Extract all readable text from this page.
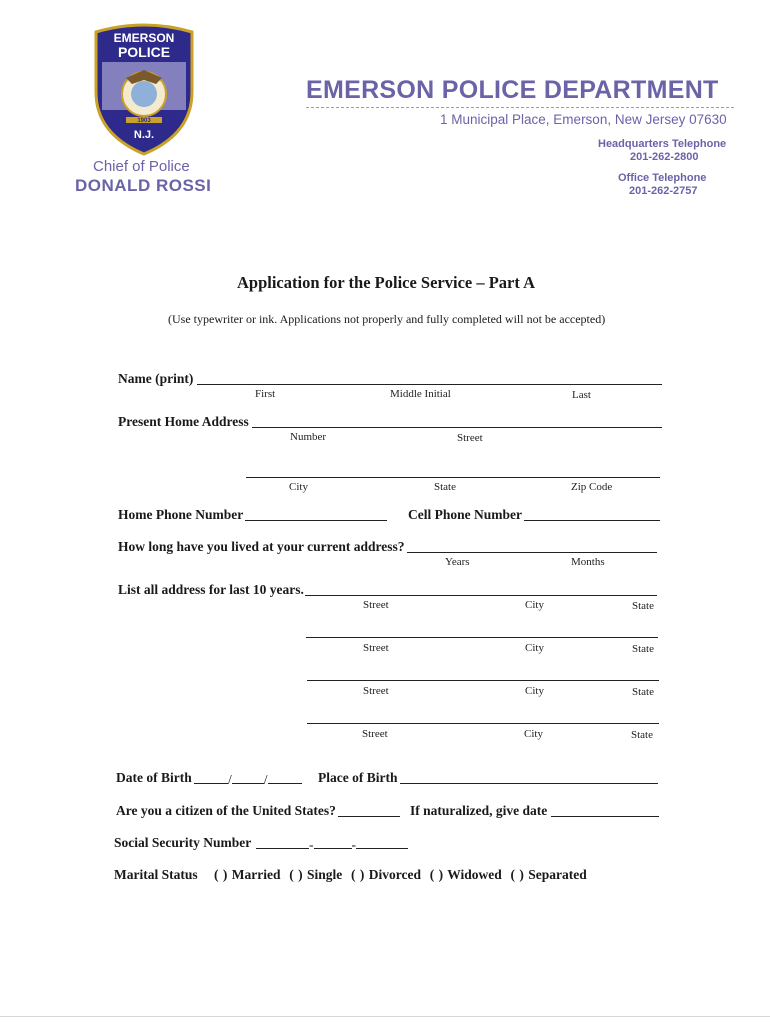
EMERSON
POLICE
1903
N.J.
Chief of Police
DONALD ROSSI
EMERSON POLICE DEPARTMENT
1 Municipal Place, Emerson, New Jersey 07630
Headquarters Telephone
201-262-2800
Office Telephone
201-262-2757
Application for the Police Service – Part A
(Use typewriter or ink. Applications not properly and fully completed will not be accepted)
Name (print)
First	Middle Initial	Last
Present Home Address
Number	Street
City	State	Zip Code
Home Phone Number	Cell Phone Number
How long have you lived at your current address?
Years	Months
List all address for last 10 years.
Street	City	State
Street	City	State
Street	City	State
Street	City	State
Date of Birth	/ /	Place of Birth
Are you a citizen of the United States?	If naturalized, give date
Social Security Number	-	-
Marital Status ( ) Married ( ) Single ( ) Divorced ( ) Widowed ( ) Separated
